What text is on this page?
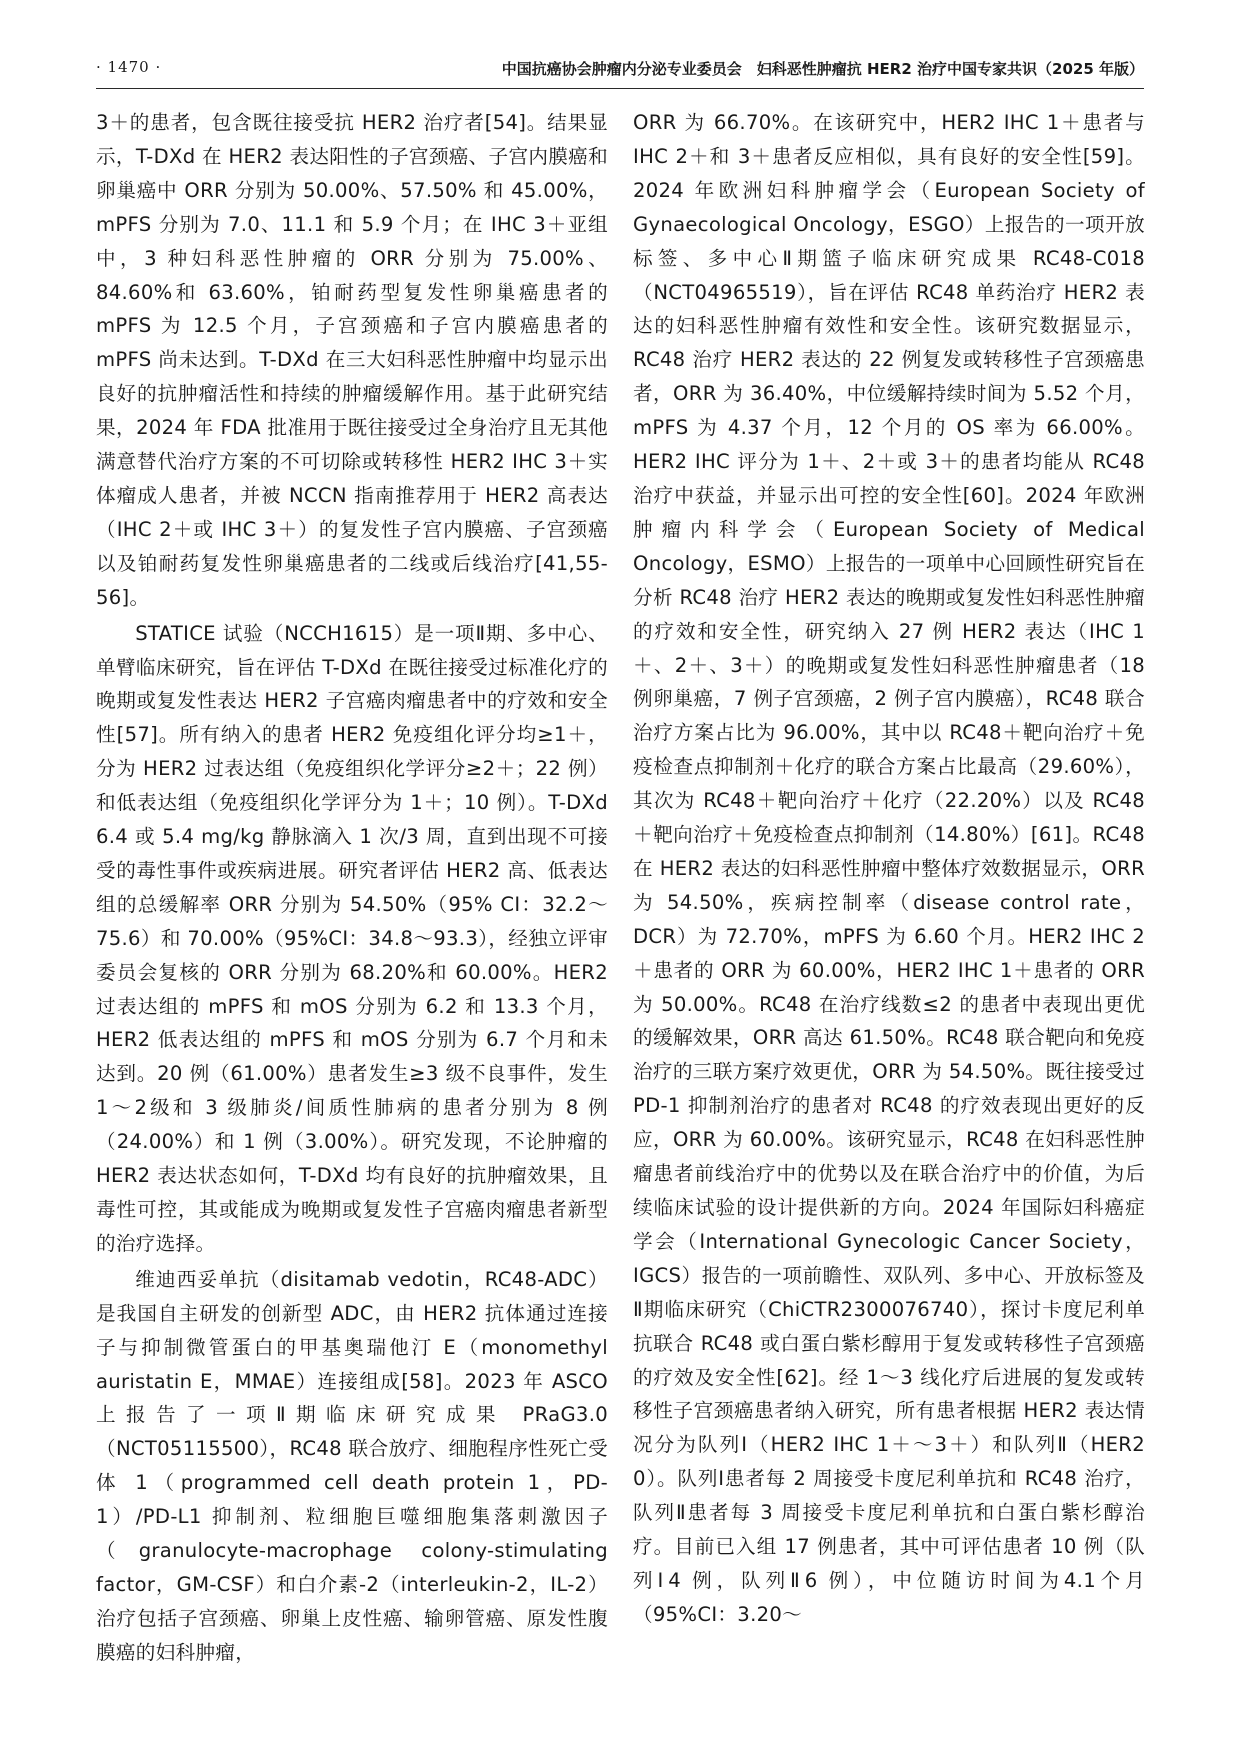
· 1470 ·	中国抗癌协会肿瘤内分泌专业委员会　妇科恶性肿瘤抗 HER2 治疗中国专家共识（2025 年版）

3＋的患者，包含既往接受抗 HER2 治疗者[54]。结果显示，T-DXd 在 HER2 表达阳性的子宫颈癌、子宫内膜癌和卵巢癌中 ORR 分别为 50.00%、57.50% 和 45.00%，mPFS 分别为 7.0、11.1 和 5.9 个月；在 IHC 3＋亚组中，3 种妇科恶性肿瘤的 ORR 分别为 75.00%、84.60%和 63.60%，铂耐药型复发性卵巢癌患者的 mPFS 为 12.5 个月，子宫颈癌和子宫内膜癌患者的 mPFS 尚未达到。T-DXd 在三大妇科恶性肿瘤中均显示出良好的抗肿瘤活性和持续的肿瘤缓解作用。基于此研究结果，2024 年 FDA 批准用于既往接受过全身治疗且无其他满意替代治疗方案的不可切除或转移性 HER2 IHC 3＋实体瘤成人患者，并被 NCCN 指南推荐用于 HER2 高表达（IHC 2＋或 IHC 3＋）的复发性子宫内膜癌、子宫颈癌以及铂耐药复发性卵巢癌患者的二线或后线治疗[41,55-56]。

STATICE 试验（NCCH1615）是一项Ⅱ期、多中心、单臂临床研究，旨在评估 T-DXd 在既往接受过标准化疗的晚期或复发性表达 HER2 子宫癌肉瘤患者中的疗效和安全性[57]。所有纳入的患者 HER2 免疫组化评分均≥1＋，分为 HER2 过表达组（免疫组织化学评分≥2＋；22 例）和低表达组（免疫组织化学评分为 1＋；10 例）。T-DXd 6.4 或 5.4 mg/kg 静脉滴入 1 次/3 周，直到出现不可接受的毒性事件或疾病进展。研究者评估 HER2 高、低表达组的总缓解率 ORR 分别为 54.50%（95% CI：32.2～75.6）和 70.00%（95%CI：34.8～93.3），经独立评审委员会复核的 ORR 分别为 68.20%和 60.00%。HER2 过表达组的 mPFS 和 mOS 分别为 6.2 和 13.3 个月，HER2 低表达组的 mPFS 和 mOS 分别为 6.7 个月和未达到。20 例（61.00%）患者发生≥3 级不良事件，发生1～2级和 3 级肺炎/间质性肺病的患者分别为 8 例（24.00%）和 1 例（3.00%）。研究发现，不论肿瘤的 HER2 表达状态如何，T-DXd 均有良好的抗肿瘤效果，且毒性可控，其或能成为晚期或复发性子宫癌肉瘤患者新型的治疗选择。

维迪西妥单抗（disitamab vedotin，RC48-ADC）是我国自主研发的创新型 ADC，由 HER2 抗体通过连接子与抑制微管蛋白的甲基奥瑞他汀 E（monomethyl auristatin E，MMAE）连接组成[58]。2023 年 ASCO 上报告了一项Ⅱ期临床研究成果 PRaG3.0（NCT05115500），RC48 联合放疗、细胞程序性死亡受体 1（programmed cell death protein 1，PD-1）/PD-L1 抑制剂、粒细胞巨噬细胞集落刺激因子（granulocyte-macrophage colony-stimulating factor，GM-CSF）和白介素-2（interleukin-2，IL-2）治疗包括子宫颈癌、卵巢上皮性癌、输卵管癌、原发性腹膜癌的妇科肿瘤，

ORR 为 66.70%。在该研究中，HER2 IHC 1＋患者与 IHC 2＋和 3＋患者反应相似，具有良好的安全性[59]。2024 年欧洲妇科肿瘤学会（European Society of Gynaecological Oncology，ESGO）上报告的一项开放标签、多中心Ⅱ期篮子临床研究成果 RC48-C018（NCT04965519），旨在评估 RC48 单药治疗 HER2 表达的妇科恶性肿瘤有效性和安全性。该研究数据显示，RC48 治疗 HER2 表达的 22 例复发或转移性子宫颈癌患者，ORR 为 36.40%，中位缓解持续时间为 5.52 个月，mPFS 为 4.37 个月，12 个月的 OS 率为 66.00%。HER2 IHC 评分为 1＋、2＋或 3＋的患者均能从 RC48 治疗中获益，并显示出可控的安全性[60]。2024 年欧洲肿瘤内科学会（European Society of Medical Oncology，ESMO）上报告的一项单中心回顾性研究旨在分析 RC48 治疗 HER2 表达的晚期或复发性妇科恶性肿瘤的疗效和安全性，研究纳入 27 例 HER2 表达（IHC 1＋、2＋、3＋）的晚期或复发性妇科恶性肿瘤患者（18 例卵巢癌，7 例子宫颈癌，2 例子宫内膜癌），RC48 联合治疗方案占比为 96.00%，其中以 RC48＋靶向治疗＋免疫检查点抑制剂＋化疗的联合方案占比最高（29.60%），其次为 RC48＋靶向治疗＋化疗（22.20%）以及 RC48＋靶向治疗＋免疫检查点抑制剂（14.80%）[61]。RC48 在 HER2 表达的妇科恶性肿瘤中整体疗效数据显示，ORR 为 54.50%，疾病控制率（disease control rate，DCR）为 72.70%，mPFS 为 6.60 个月。HER2 IHC 2＋患者的 ORR 为 60.00%，HER2 IHC 1＋患者的 ORR 为 50.00%。RC48 在治疗线数≤2 的患者中表现出更优的缓解效果，ORR 高达 61.50%。RC48 联合靶向和免疫治疗的三联方案疗效更优，ORR 为 54.50%。既往接受过 PD-1 抑制剂治疗的患者对 RC48 的疗效表现出更好的反应，ORR 为 60.00%。该研究显示，RC48 在妇科恶性肿瘤患者前线治疗中的优势以及在联合治疗中的价值，为后续临床试验的设计提供新的方向。2024 年国际妇科癌症学会（International Gynecologic Cancer Society，IGCS）报告的一项前瞻性、双队列、多中心、开放标签及Ⅱ期临床研究（ChiCTR2300076740），探讨卡度尼利单抗联合 RC48 或白蛋白紫杉醇用于复发或转移性子宫颈癌的疗效及安全性[62]。经 1～3 线化疗后进展的复发或转移性子宫颈癌患者纳入研究，所有患者根据 HER2 表达情况分为队列Ⅰ（HER2 IHC 1＋～3＋）和队列Ⅱ（HER2 0）。队列Ⅰ患者每 2 周接受卡度尼利单抗和 RC48 治疗，队列Ⅱ患者每 3 周接受卡度尼利单抗和白蛋白紫杉醇治疗。目前已入组 17 例患者，其中可评估患者 10 例（队列Ⅰ4 例，队列Ⅱ6 例），中位随访时间为4.1个月（95%CI：3.20～
